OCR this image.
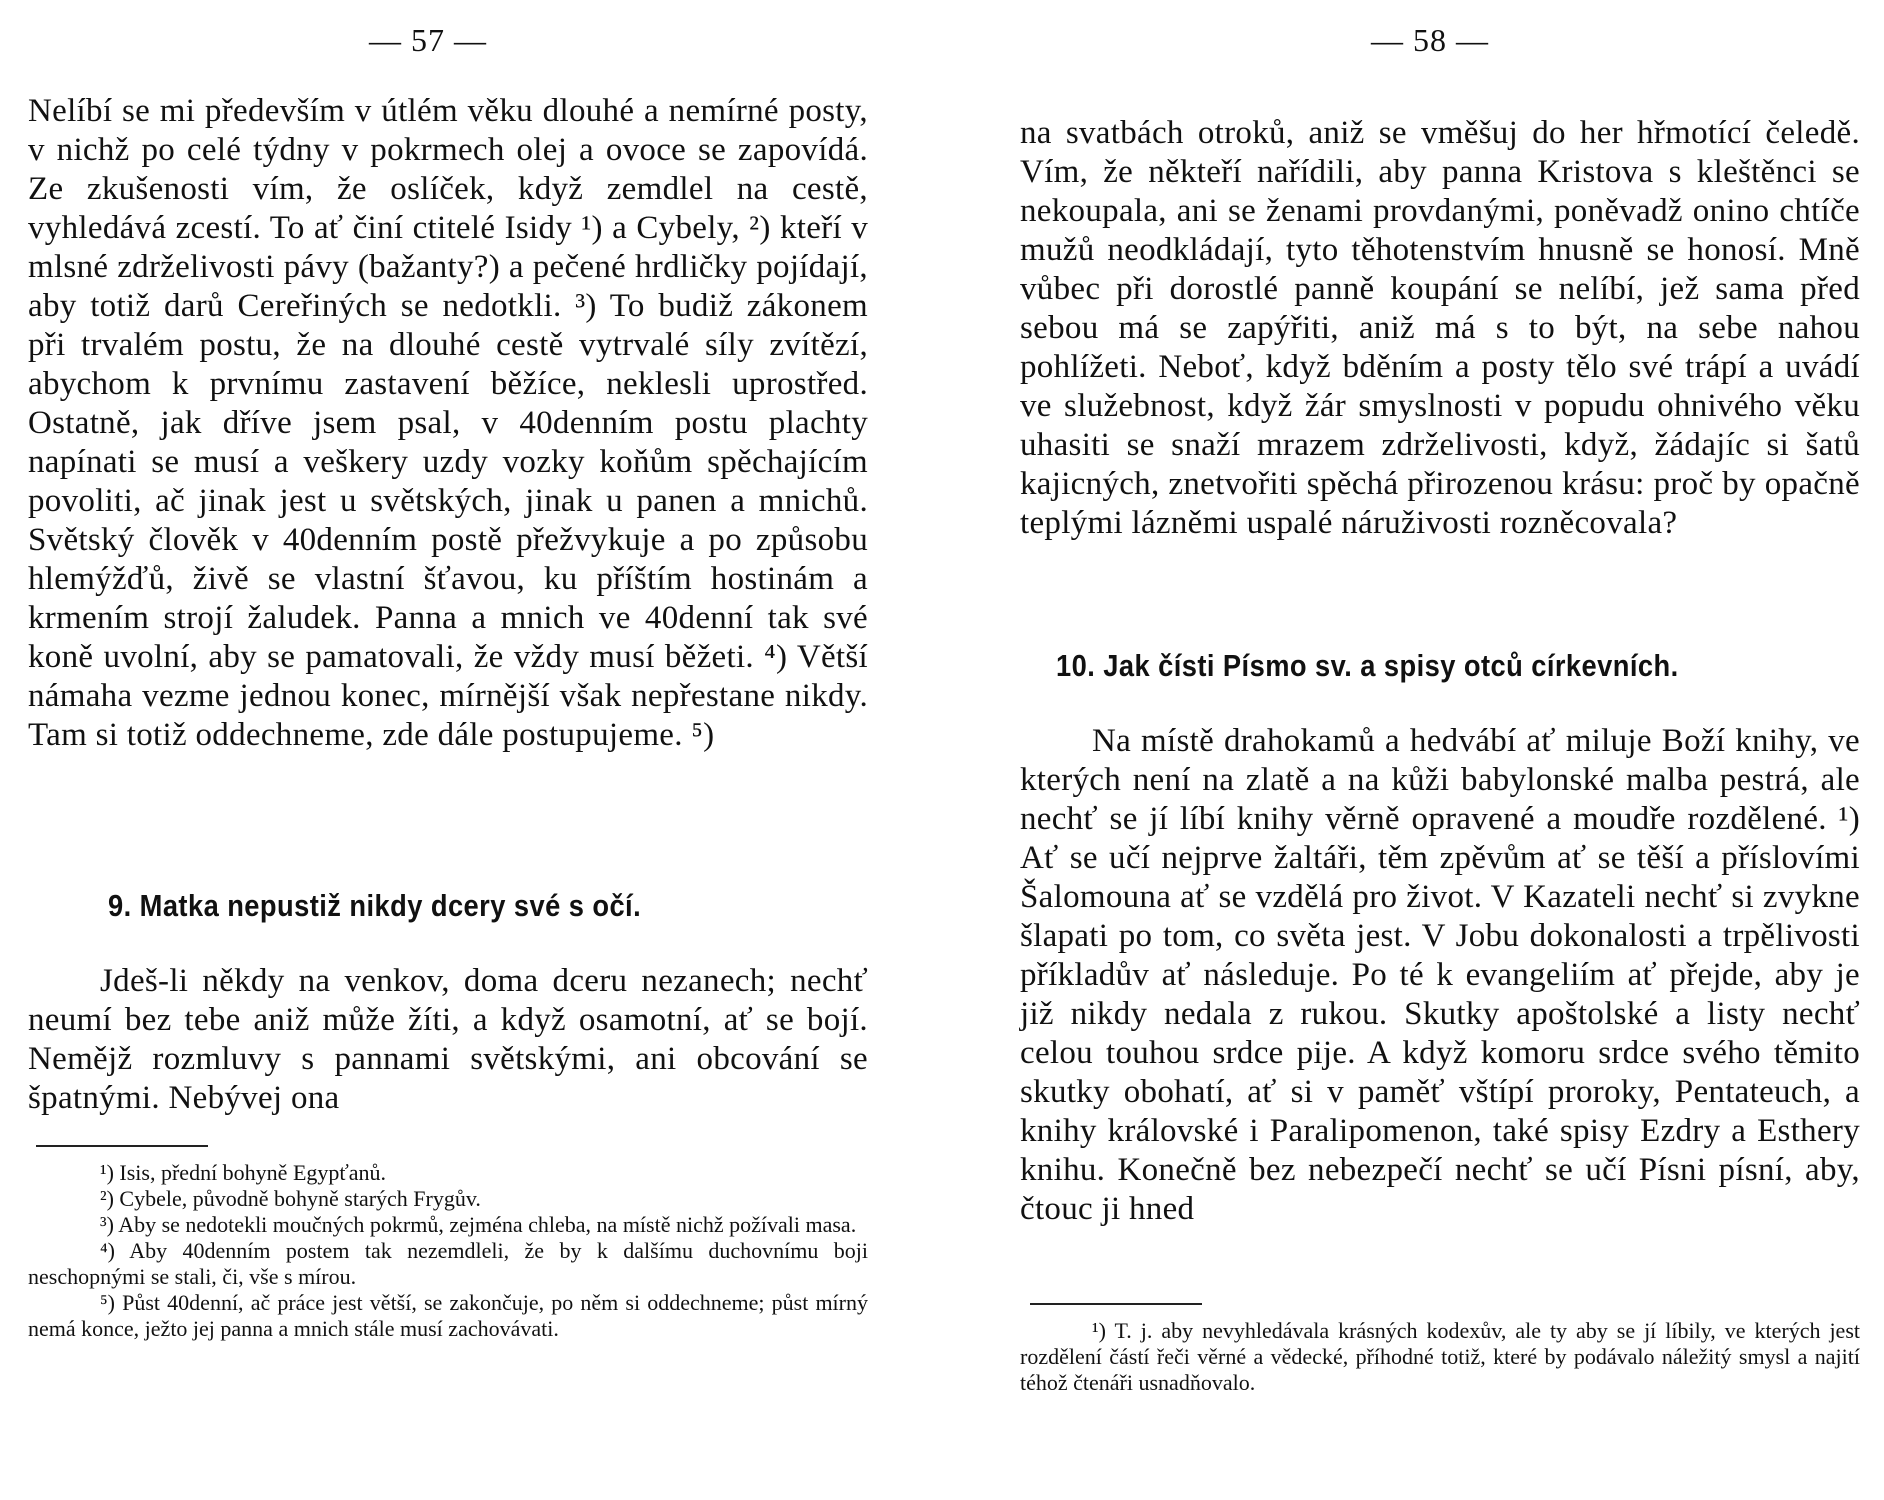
— 57 —

Nelíbí se mi především v útlém věku dlouhé a nemírné posty, v nichž po celé týdny v pokrmech olej a ovoce se zapovídá. Ze zkušenosti vím, že oslíček, když zemdlel na cestě, vyhledává zcestí. To ať činí ctitelé Isidy ¹) a Cybely, ²) kteří v mlsné zdrželivosti pávy (bažanty?) a pečené hrdličky pojídají, aby totiž darů Cereřiných se nedotkli. ³) To budiž zákonem při trvalém postu, že na dlouhé cestě vytrvalé síly zvítězí, abychom k prvnímu zastavení běžíce, neklesli uprostřed. Ostatně, jak dříve jsem psal, v 40denním postu plachty napínati se musí a veškery uzdy vozky koňům spěchajícím povoliti, ač jinak jest u světských, jinak u panen a mnichů. Světský člověk v 40denním postě přežvykuje a po způsobu hlemýžďů, živě se vlastní šťavou, ku příštím hostinám a krmením strojí žaludek. Panna a mnich ve 40denní tak své koně uvolní, aby se pamatovali, že vždy musí běžeti. ⁴) Větší námaha vezme jednou konec, mírnější však nepřestane nikdy. Tam si totiž oddechneme, zde dále postupujeme. ⁵)

9. Matka nepustiž nikdy dcery své s očí.

Jdeš-li někdy na venkov, doma dceru nezanech; nechť neumí bez tebe aniž může žíti, a když osamotní, ať se bojí. Nemějž rozmluvy s pannami světskými, ani obcování se špatnými. Nebývej ona

¹) Isis, přední bohyně Egypťanů.

²) Cybele, původně bohyně starých Frygův.

³) Aby se nedotekli moučných pokrmů, zejména chleba, na místě nichž požívali masa.

⁴) Aby 40denním postem tak nezemdleli, že by k dalšímu duchovnímu boji neschopnými se stali, či, vše s mírou.

⁵) Půst 40denní, ač práce jest větší, se zakončuje, po něm si oddechneme; půst mírný nemá konce, ježto jej panna a mnich stále musí zachovávati.

— 58 —

na svatbách otroků, aniž se vměšuj do her hřmotící čeledě. Vím, že někteří nařídili, aby panna Kristova s kleštěnci se nekoupala, ani se ženami provdanými, poněvadž onino chtíče mužů neodkládají, tyto těhotenstvím hnusně se honosí. Mně vůbec při dorostlé panně koupání se nelíbí, jež sama před sebou má se zapýřiti, aniž má s to být, na sebe nahou pohlížeti. Neboť, když bděním a posty tělo své trápí a uvádí ve služebnost, když žár smyslnosti v popudu ohnivého věku uhasiti se snaží mrazem zdrželivosti, když, žádajíc si šatů kajicných, znetvořiti spěchá přirozenou krásu: proč by opačně teplými lázněmi uspalé náruživosti rozněcovala?

10. Jak čísti Písmo sv. a spisy otců církevních.

Na místě drahokamů a hedvábí ať miluje Boží knihy, ve kterých není na zlatě a na kůži babylonské malba pestrá, ale nechť se jí líbí knihy věrně opravené a moudře rozdělené. ¹) Ať se učí nejprve žaltáři, těm zpěvům ať se těší a příslovími Šalomouna ať se vzdělá pro život. V Kazateli nechť si zvykne šlapati po tom, co světa jest. V Jobu dokonalosti a trpělivosti příkladův ať následuje. Po té k evangeliím ať přejde, aby je již nikdy nedala z rukou. Skutky apoštolské a listy nechť celou touhou srdce pije. A když komoru srdce svého těmito skutky obohatí, ať si v paměť vštípí proroky, Pentateuch, a knihy královské i Paralipomenon, také spisy Ezdry a Esthery knihu. Konečně bez nebezpečí nechť se učí Písni písní, aby, čtouc ji hned

¹) T. j. aby nevyhledávala krásných kodexův, ale ty aby se jí líbily, ve kterých jest rozdělení částí řeči věrné a vědecké, příhodné totiž, které by podávalo náležitý smysl a najití téhož čtenáři usnadňovalo.
